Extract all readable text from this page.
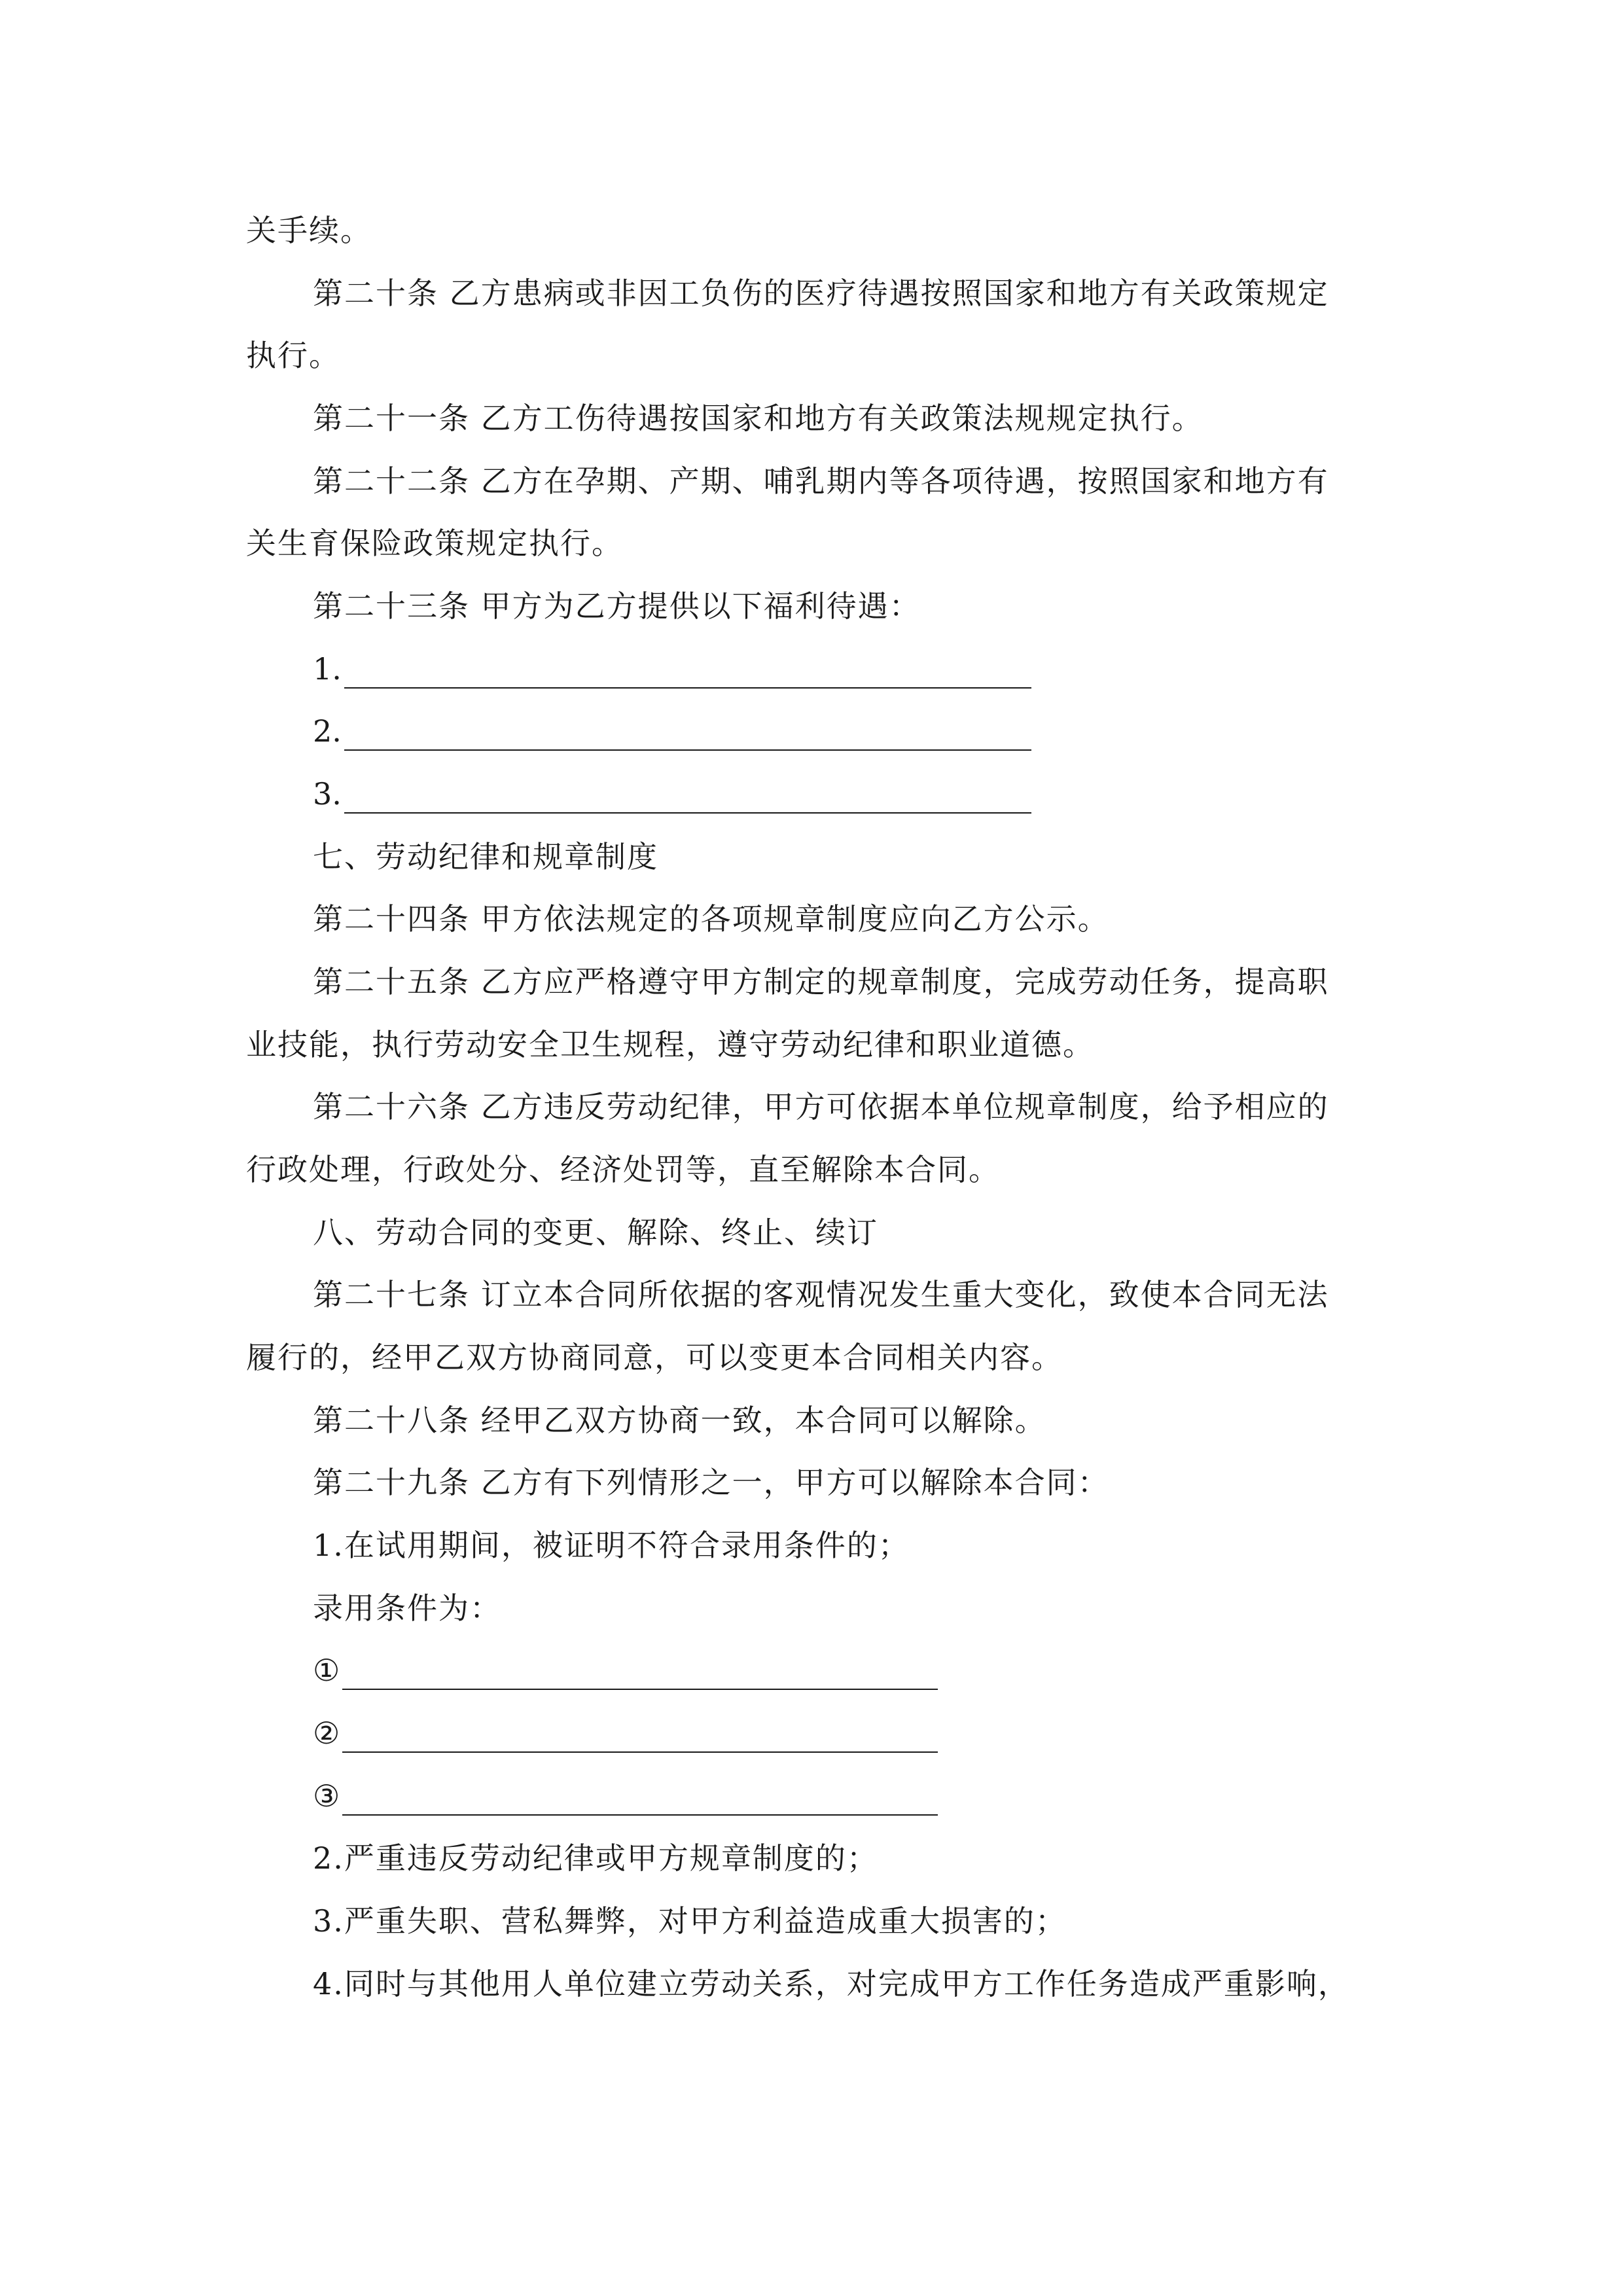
关手续。
第二十条 乙方患病或非因工负伤的医疗待遇按照国家和地方有关政策规定
执行。
第二十一条 乙方工伤待遇按国家和地方有关政策法规规定执行。
第二十二条 乙方在孕期、产期、哺乳期内等各项待遇，按照国家和地方有
关生育保险政策规定执行。
第二十三条 甲方为乙方提供以下福利待遇：
1.
2.
3.
七、劳动纪律和规章制度
第二十四条 甲方依法规定的各项规章制度应向乙方公示。
第二十五条 乙方应严格遵守甲方制定的规章制度，完成劳动任务，提高职
业技能，执行劳动安全卫生规程，遵守劳动纪律和职业道德。
第二十六条 乙方违反劳动纪律，甲方可依据本单位规章制度，给予相应的
行政处理，行政处分、经济处罚等，直至解除本合同。
八、劳动合同的变更、解除、终止、续订
第二十七条 订立本合同所依据的客观情况发生重大变化，致使本合同无法
履行的，经甲乙双方协商同意，可以变更本合同相关内容。
第二十八条 经甲乙双方协商一致，本合同可以解除。
第二十九条 乙方有下列情形之一，甲方可以解除本合同：
1.在试用期间，被证明不符合录用条件的；
录用条件为：
①
②
③
2.严重违反劳动纪律或甲方规章制度的；
3.严重失职、营私舞弊，对甲方利益造成重大损害的；
4.同时与其他用人单位建立劳动关系，对完成甲方工作任务造成严重影响，
